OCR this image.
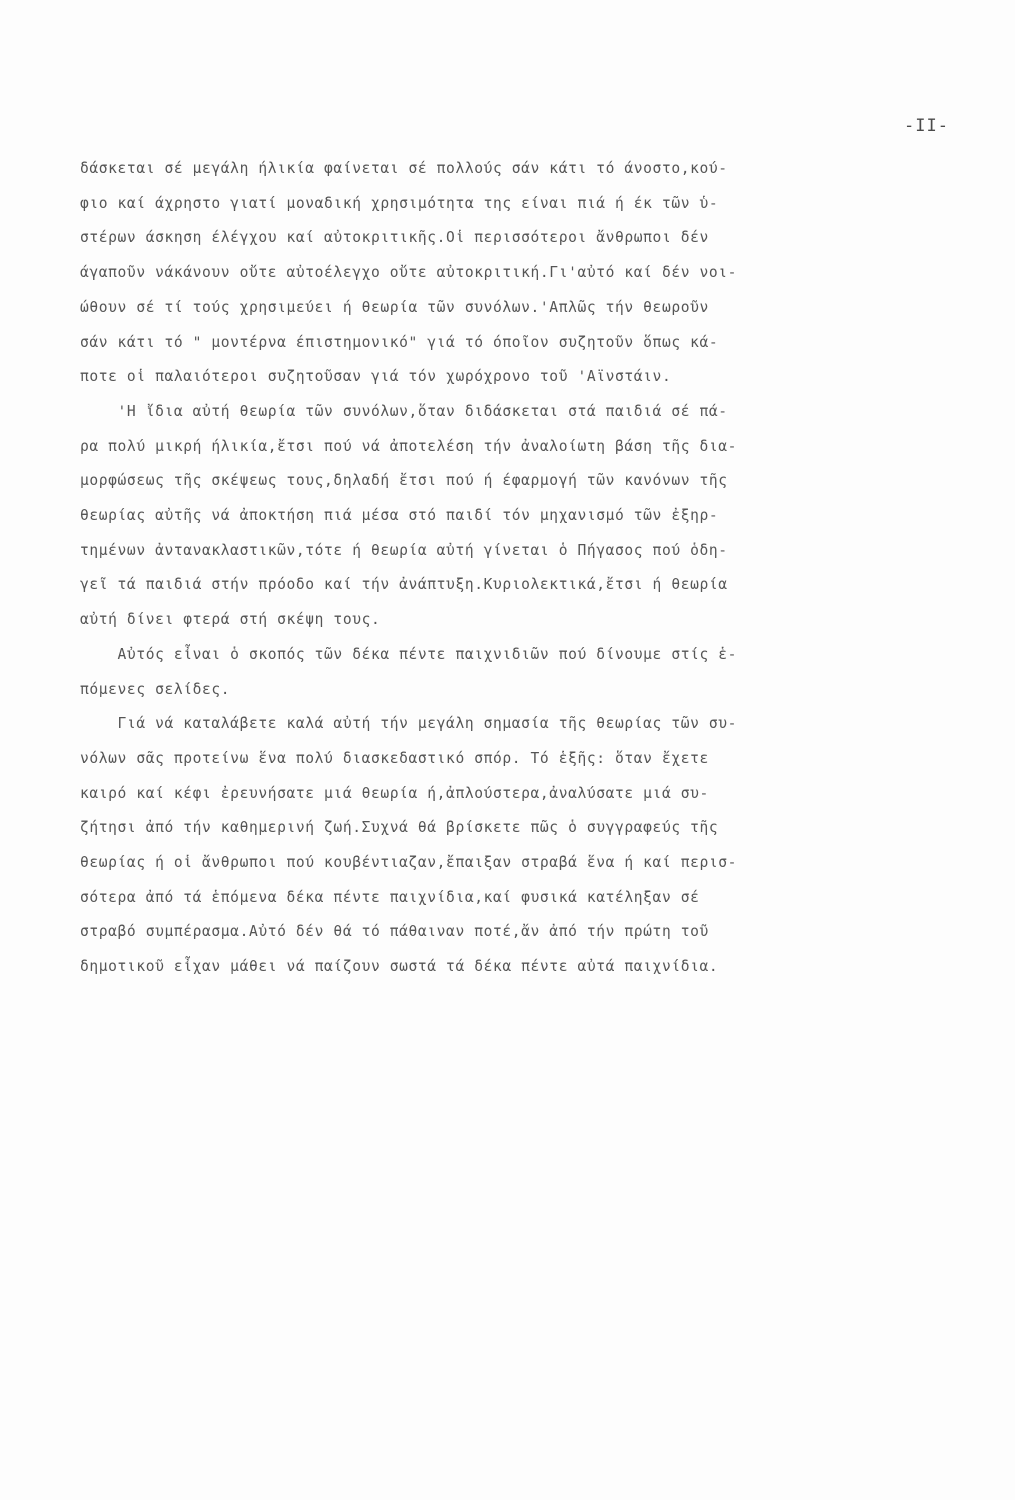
-II-
δάσκεται σέ μεγάλη ήλικία φαίνεται σέ πολλούς σάν κάτι τό άνοστο,κού-
φιο καί άχρηστο γιατί μοναδική χρησιμότητα της είναι πιά ή έκ τῶν ὑ-
στέρων άσκηση έλέγχου καί αὐτοκριτικῆς.Οἱ περισσότεροι ἄνθρωποι δέν
άγαποῦν νάκάνουν οὔτε αὐτοέλεγχο οὔτε αὐτοκριτική.Γι'αὐτό καί δέν νοι-
ώθουν σέ τί τούς χρησιμεύει ή θεωρία τῶν συνόλων.'Απλῶς τήν θεωροῦν
σάν κάτι τό " μοντέρνα έπιστημονικό" γιά τό όποῖον συζητοῦν ὅπως κά-
ποτε οἱ παλαιότεροι συζητοῦσαν γιά τόν χωρόχρονο τοῦ 'Αϊνστάιν.
'Η ἴδια αὐτή θεωρία τῶν συνόλων,ὅταν διδάσκεται στά παιδιά σέ πά-
ρα πολύ μικρή ήλικία,ἔτσι πού νά ἀποτελέση τήν ἀναλοίωτη βάση τῆς δια-
μορφώσεως τῆς σκέψεως τους,δηλαδή ἔτσι πού ή έφαρμογή τῶν κανόνων τῆς
θεωρίας αὐτῆς νά ἀποκτήση πιά μέσα στό παιδί τόν μηχανισμό τῶν ἐξηρ-
τημένων ἀντανακλαστικῶν,τότε ή θεωρία αὐτή γίνεται ὁ Πήγασος πού ὁδη-
γεῖ τά παιδιά στήν πρόοδο καί τήν ἀνάπτυξη.Κυριολεκτικά,ἔτσι ή θεωρία
αὐτή δίνει φτερά στή σκέψη τους.
Αὐτός εἶναι ὁ σκοπός τῶν δέκα πέντε παιχνιδιῶν πού δίνουμε στίς ἑ-
πόμενες σελίδες.
Γιά νά καταλάβετε καλά αὐτή τήν μεγάλη σημασία τῆς θεωρίας τῶν συ-
νόλων σᾶς προτείνω ἕνα πολύ διασκεδαστικό σπόρ. Τό ἑξῆς: ὅταν ἔχετε
καιρό καί κέφι ἐρευνήσατε μιά θεωρία ή,ἀπλούστερα,ἀναλύσατε μιά συ-
ζήτησι ἀπό τήν καθημερινή ζωή.Συχνά θά βρίσκετε πῶς ὁ συγγραφεύς τῆς
θεωρίας ή οἱ ἄνθρωποι πού κουβέντιαζαν,ἔπαιξαν στραβά ἕνα ή καί περισ-
σότερα ἀπό τά ἑπόμενα δέκα πέντε παιχνίδια,καί φυσικά κατέληξαν σέ
στραβό συμπέρασμα.Αὐτό δέν θά τό πάθαιναν ποτέ,ἄν ἀπό τήν πρώτη τοῦ
δημοτικοῦ εἶχαν μάθει νά παίζουν σωστά τά δέκα πέντε αὐτά παιχνίδια.
